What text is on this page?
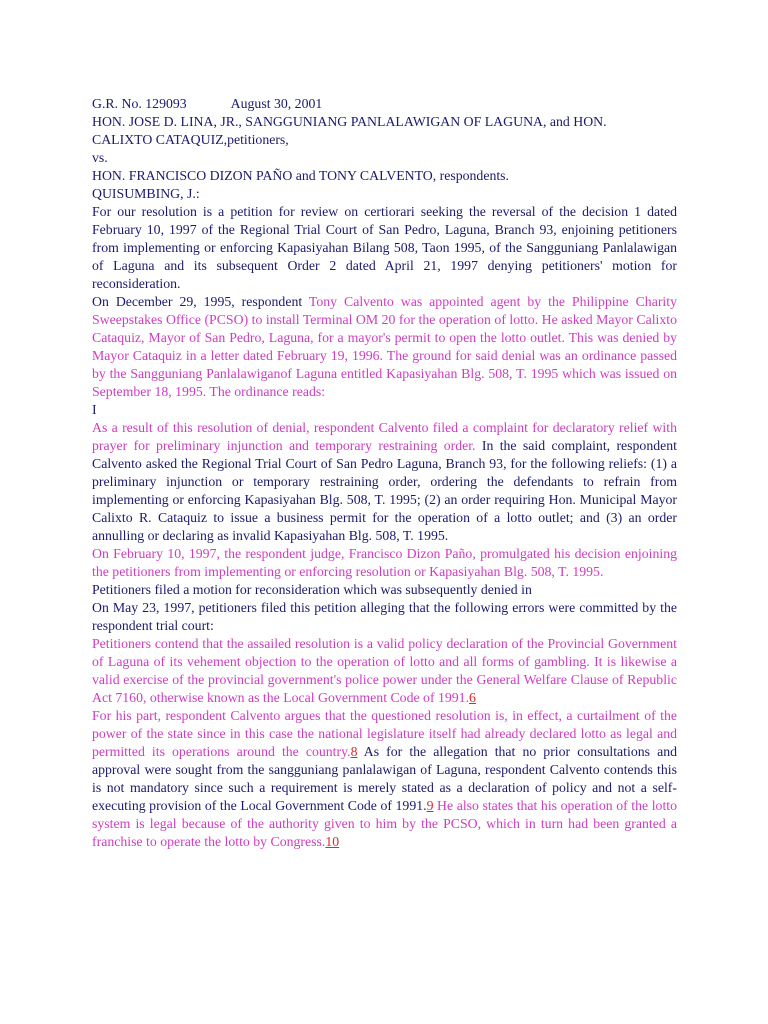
G.R. No. 129093	August 30, 2001

HON. JOSE D. LINA, JR., SANGGUNIANG PANLALAWIGAN OF LAGUNA, and HON.

CALIXTO CATAQUIZ,petitioners,

vs.

HON. FRANCISCO DIZON PAÑO and TONY CALVENTO, respondents.

QUISUMBING, J.:

For our resolution is a petition for review on certiorari seeking the reversal of the decision 1 dated February 10, 1997 of the Regional Trial Court of San Pedro, Laguna, Branch 93, enjoining petitioners from implementing or enforcing Kapasiyahan Bilang 508, Taon 1995, of the Sangguniang Panlalawigan of Laguna and its subsequent Order 2 dated April 21, 1997 denying petitioners' motion for reconsideration.

On December 29, 1995, respondent Tony Calvento was appointed agent by the Philippine Charity Sweepstakes Office (PCSO) to install Terminal OM 20 for the operation of lotto. He asked Mayor Calixto Cataquiz, Mayor of San Pedro, Laguna, for a mayor's permit to open the lotto outlet. This was denied by Mayor Cataquiz in a letter dated February 19, 1996. The ground for said denial was an ordinance passed by the Sangguniang Panlalawiganof Laguna entitled Kapasiyahan Blg. 508, T. 1995 which was issued on September 18, 1995. The ordinance reads:

I

As a result of this resolution of denial, respondent Calvento filed a complaint for declaratory relief with prayer for preliminary injunction and temporary restraining order. In the said complaint, respondent Calvento asked the Regional Trial Court of San Pedro Laguna, Branch 93, for the following reliefs: (1) a preliminary injunction or temporary restraining order, ordering the defendants to refrain from implementing or enforcing Kapasiyahan Blg. 508, T. 1995; (2) an order requiring Hon. Municipal Mayor Calixto R. Cataquiz to issue a business permit for the operation of a lotto outlet; and (3) an order annulling or declaring as invalid Kapasiyahan Blg. 508, T. 1995.

On February 10, 1997, the respondent judge, Francisco Dizon Paño, promulgated his decision enjoining the petitioners from implementing or enforcing resolution or Kapasiyahan Blg. 508, T. 1995.

Petitioners filed a motion for reconsideration which was subsequently denied in

On May 23, 1997, petitioners filed this petition alleging that the following errors were committed by the respondent trial court:

Petitioners contend that the assailed resolution is a valid policy declaration of the Provincial Government of Laguna of its vehement objection to the operation of lotto and all forms of gambling. It is likewise a valid exercise of the provincial government's police power under the General Welfare Clause of Republic Act 7160, otherwise known as the Local Government Code of 1991.6

For his part, respondent Calvento argues that the questioned resolution is, in effect, a curtailment of the power of the state since in this case the national legislature itself had already declared lotto as legal and permitted its operations around the country.8 As for the allegation that no prior consultations and approval were sought from the sangguniang panlalawigan of Laguna, respondent Calvento contends this is not mandatory since such a requirement is merely stated as a declaration of policy and not a self-executing provision of the Local Government Code of 1991.9 He also states that his operation of the lotto system is legal because of the authority given to him by the PCSO, which in turn had been granted a franchise to operate the lotto by Congress.10
